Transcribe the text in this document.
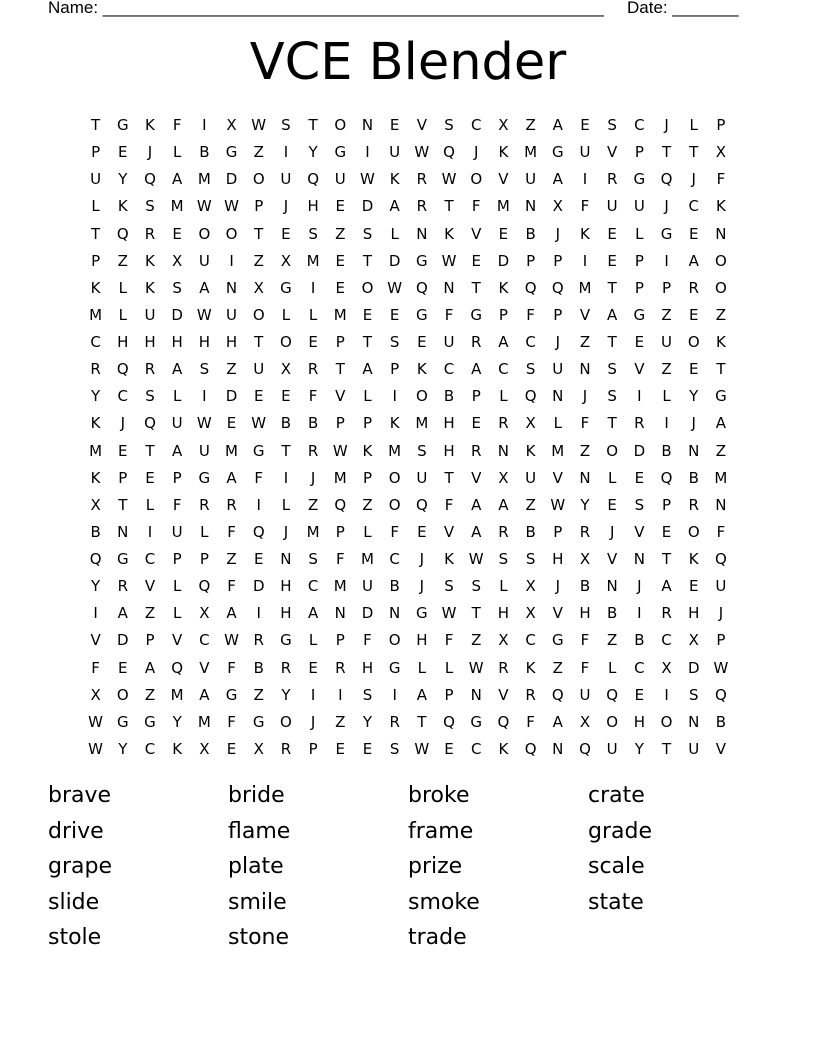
Name: _____________________________________________________ Date: _______
VCE Blender
T	G	K	F	I	X W	S	T	O	N	E	V	S	C	X	Z	A	E	S	C	J	L	P
P	E	J	L	B	G	Z	I	Y	G	I	U W Q	J	K	M G	U	V	P	T	T	X
U	Y	Q	A	M D	O	U	Q	U W K	R W O	V	U	A	I	R	G	Q	J	F
L	K	S	M W W	P	J	H	E	D	A	R	T	F	M	N	X	F	U	U	J	C	K
T	Q	R	E	O	O	T	E	S	Z	S	L	N	K	V	E	B	J	K	E	L	G	E	N
P	Z	K	X	U	I	Z	X	M	E	T	D	G W	E	D	P	P	I	E	P	I	A	O
K	L	K	S	A	N	X	G	I	E	O W Q	N	T	K	Q	Q M	T	P	P	R	O
M	L	U	D W U	O	L	L	M	E	E	G	F	G	P	F	P	V	A	G	Z	E	Z
C	H	H	H	H	H	T	O	E	P	T	S	E	U	R	A	C	J	Z	T	E	U	O	K
R	Q	R	A	S	Z	U	X	R	T	A	P	K	C	A	C	S	U	N	S	V	Z	E	T
Y	C	S	L	I	D	E	E	F	V	L	I	O	B	P	L	Q	N	J	S	I	L	Y	G
K	J	Q	U W	E	W B	B	P	P	K	M	H	E	R	X	L	F	T	R	I	J	A
M	E	T	A	U	M G	T	R W K	M	S	H	R	N	K	M	Z	O	D	B	N	Z
K	P	E	P	G	A	F	I	J	M	P	O	U	T	V	X	U	V	N	L	E	Q	B	M
X	T	L	F	R	R	I	L	Z	Q	Z	O	Q	F	A	A	Z W	Y	E	S	P	R	N
B	N	I	U	L	F	Q	J	M	P	L	F	E	V	A	R	B	P	R	J	V	E	O	F
Q	G	C	P	P	Z	E	N	S	F	M	C	J	K W	S	S	H	X	V	N	T	K	Q
Y	R	V	L	Q	F	D	H	C	M	U	B	J	S	S	L	X	J	B	N	J	A	E	U
I	A	Z	L	X	A	I	H	A	N	D	N	G W	T	H	X	V	H	B	I	R	H	J
V	D	P	V	C W R	G	L	P	F	O	H	F	Z	X	C	G	F	Z	B	C	X	P
F	E	A	Q	V	F	B	R	E	R	H	G	L	L	W R	K	Z	F	L	C	X	D W
X	O	Z	M	A	G	Z	Y	I	I	S	I	A	P	N	V	R	Q	U	Q	E	I	S	Q
W G	G	Y	M	F	G	O	J	Z	Y	R	T	Q	G	Q	F	A	X	O	H	O	N	B
W	Y	C	K	X	E	X	R	P	E	E	S	W	E	C	K	Q	N	Q	U	Y	T	U	V
brave	bride	broke	crate
drive	flame	frame	grade
grape	plate	prize	scale
slide	smile	smoke	state
stole	stone	trade
